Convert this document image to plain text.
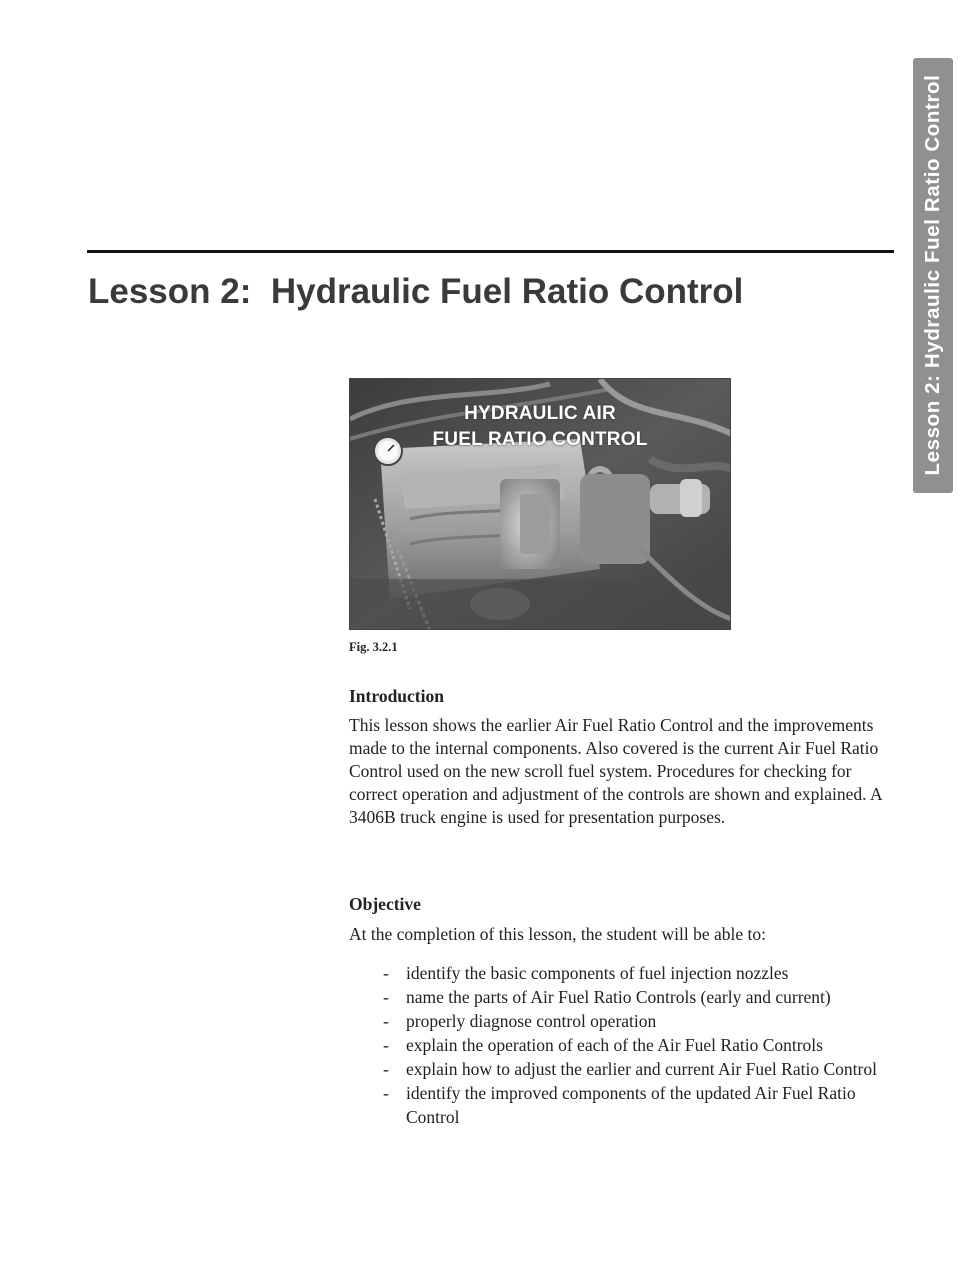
Lesson 2: Hydraulic Fuel Ratio Control
Lesson 2:  Hydraulic Fuel Ratio Control
HYDRAULIC AIR
FUEL RATIO CONTROL
Fig. 3.2.1
Introduction

This lesson shows the earlier Air Fuel Ratio Control and the improvements made to the internal components. Also covered is the current Air Fuel Ratio Control used on the new scroll fuel system. Procedures for checking for correct operation and adjustment of the controls are shown and explained. A 3406B truck engine is used for presentation purposes.

Objective

At the completion of this lesson, the student will be able to:

- identify the basic components of fuel injection nozzles
- name the parts of Air Fuel Ratio Controls (early and current)
- properly diagnose control operation
- explain the operation of each of the Air Fuel Ratio Controls
- explain how to adjust the earlier and current Air Fuel Ratio Control
- identify the improved components of the updated Air Fuel Ratio Control
